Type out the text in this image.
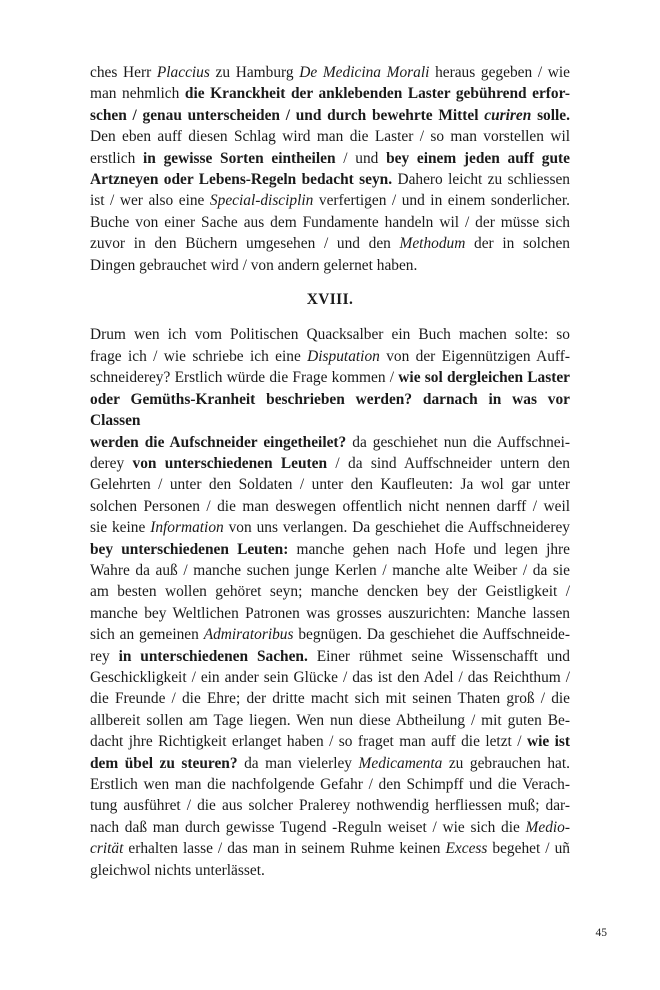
ches Herr Placcius zu Hamburg De Medicina Morali heraus gegeben / wie
man nehmlich die Kranckheit der anklebenden Laster gebührend erfor-
schen / genau unterscheiden / und durch bewehrte Mittel curiren solle.
Den eben auff diesen Schlag wird man die Laster / so man vorstellen wil
erstlich in gewisse Sorten eintheilen / und bey einem jeden auff gute
Artzneyen oder Lebens-Regeln bedacht seyn. Dahero leicht zu schliessen
ist / wer also eine Special-disciplin verfertigen / und in einem sonderlicher.
Buche von einer Sache aus dem Fundamente handeln wil / der müsse sich
zuvor in den Büchern umgesehen / und den Methodum der in solchen
Dingen gebrauchet wird / von andern gelernet haben.
XVIII.
Drum wen ich vom Politischen Quacksalber ein Buch machen solte: so
frage ich / wie schriebe ich eine Disputation von der Eigennützigen Auff-
schneiderey? Erstlich würde die Frage kommen / wie sol dergleichen Laster
oder Gemüths-Kranheit beschrieben werden? darnach in was vor Classen
werden die Aufschneider eingetheilet? da geschiehet nun die Auffschnei-
derey von unterschiedenen Leuten / da sind Auffschneider untern den
Gelehrten / unter den Soldaten / unter den Kaufleuten: Ja wol gar unter
solchen Personen / die man deswegen offentlich nicht nennen darff / weil
sie keine Information von uns verlangen. Da geschiehet die Auffschneiderey
bey unterschiedenen Leuten: manche gehen nach Hofe und legen jhre
Wahre da auß / manche suchen junge Kerlen / manche alte Weiber / da sie
am besten wollen gehöret seyn; manche dencken bey der Geistligkeit /
manche bey Weltlichen Patronen was grosses auszurichten: Manche lassen
sich an gemeinen Admiratoribus begnügen. Da geschiehet die Auffschneide-
rey in unterschiedenen Sachen. Einer rühmet seine Wissenschafft und
Geschickligkeit / ein ander sein Glücke / das ist den Adel / das Reichthum /
die Freunde / die Ehre; der dritte macht sich mit seinen Thaten groß / die
allbereit sollen am Tage liegen. Wen nun diese Abtheilung / mit guten Be-
dacht jhre Richtigkeit erlanget haben / so fraget man auff die letzt / wie ist
dem übel zu steuren? da man vielerley Medicamenta zu gebrauchen hat.
Erstlich wen man die nachfolgende Gefahr / den Schimpff und die Verach-
tung ausführet / die aus solcher Pralerey nothwendig herfliessen muß; dar-
nach daß man durch gewisse Tugend -Reguln weiset / wie sich die Medio-
crität erhalten lasse / das man in seinem Ruhme keinen Excess begehet / uñ
gleichwol nichts unterlässet.
45
